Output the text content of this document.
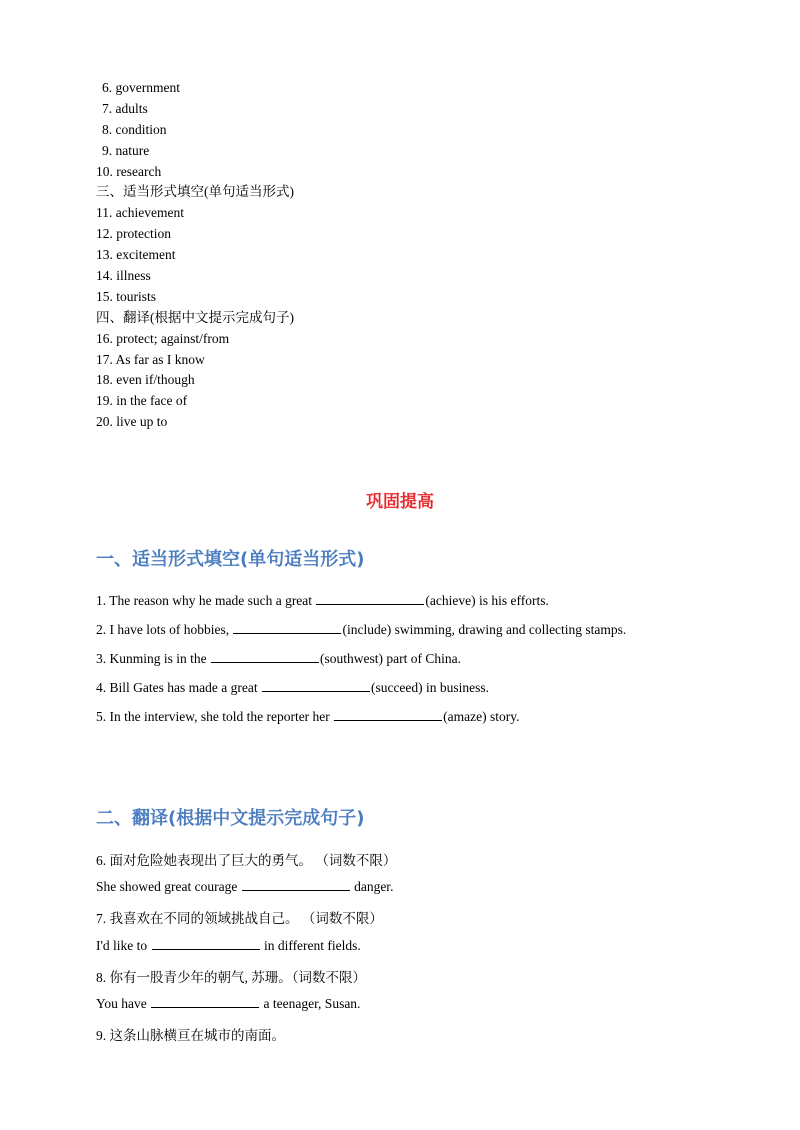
6. government
7. adults
8. condition
9. nature
10. research
三、适当形式填空(单句适当形式)
11. achievement
12. protection
13. excitement
14. illness
15. tourists
四、翻译(根据中文提示完成句子)
16. protect; against/from
17. As far as I know
18. even if/though
19. in the face of
20. live up to
巩固提高
一、适当形式填空(单句适当形式)
1. The reason why he made such a great	(achieve) is his efforts.
2. I have lots of hobbies,	(include) swimming, drawing and collecting stamps.
3. Kunming is in the	(southwest) part of China.
4. Bill Gates has made a great	(succeed) in business.
5. In the interview, she told the reporter her	(amaze) story.
二、翻译(根据中文提示完成句子)
6. 面对危险她表现出了巨大的勇气。 （词数不限）
She showed great courage	danger.
7. 我喜欢在不同的领域挑战自己。 （词数不限）
I'd like to	in different fields.
8. 你有一股青少年的朝气, 苏珊。（词数不限）
You have	a teenager, Susan.
9. 这条山脉横亘在城市的南面。
